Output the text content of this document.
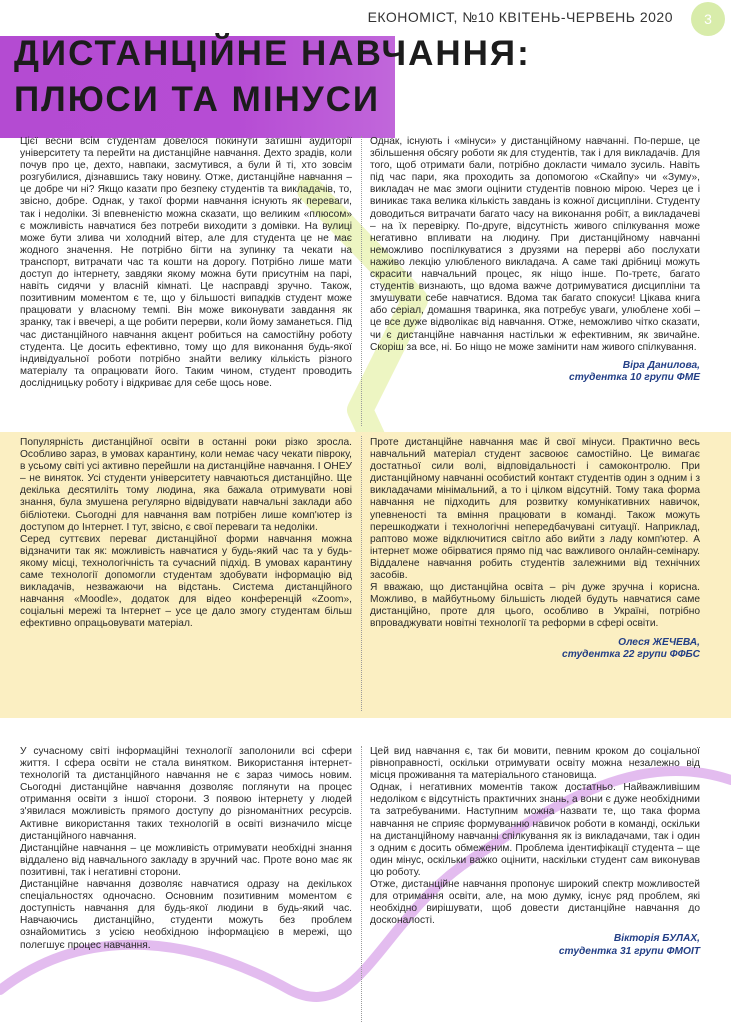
ЕКОНОМІСТ, №10 КВІТЕНЬ-ЧЕРВЕНЬ 2020	3
ДИСТАНЦІЙНЕ НАВЧАННЯ:
ПЛЮСИ ТА МІНУСИ

Цієї весни всім студентам довелося покинути затишні аудиторії університету та перейти на дистанційне навчання. Дехто зрадів, коли почув про це, дехто, навпаки, засмутився, а були й ті, хто зовсім розгубилися, дізнавшись таку новину. Отже, дистанційне навчання – це добре чи ні? Якщо казати про безпеку студентів та викладачів, то, звісно, добре. Однак, у такої форми навчання існують як переваги, так і недоліки. Зі впевненістю можна сказати, що великим «плюсом» є можливість навчатися без потреби виходити з домівки. На вулиці може бути злива чи холодний вітер, але для студента це не має жодного значення. Не потрібно бігти на зупинку та чекати на транспорт, витрачати час та кошти на дорогу. Потрібно лише мати доступ до інтернету, завдяки якому можна бути присутнім на парі, навіть сидячи у власній кімнаті. Це насправді зручно. Також, позитивним моментом є те, що у більшості випадків студент може працювати у власному темпі. Він може виконувати завдання як зранку, так і ввечері, а ще робити перерви, коли йому заманеться. Під час дистанційного навчання акцент робиться на самостійну роботу студента. Це досить ефективно, тому що для виконання будь-якої індивідуальної роботи потрібно знайти велику кількість різного матеріалу та опрацювати його. Таким чином, студент проводить дослідницьку роботу і відкриває для себе щось нове.

Однак, існують і «мінуси» у дистанційному навчанні. По-перше, це збільшення обсягу роботи як для студентів, так і для викладачів. Для того, щоб отримати бали, потрібно докласти чимало зусиль. Навіть під час пари, яка проходить за допомогою «Скайпу» чи «Зуму», викладач не має змоги оцінити студентів повною мірою. Через це і виникає така велика кількість завдань із кожної дисципліни. Студенту доводиться витрачати багато часу на виконання робіт, а викладачеві – на їх перевірку. По-друге, відсутність живого спілкування може негативно впливати на людину. При дистанційному навчанні неможливо поспілкуватися з друзями на перерві або послухати наживо лекцію улюбленого викладача. А саме такі дрібниці можуть скрасити навчальний процес, як ніщо інше. По-третє, багато студентів визнають, що вдома важче дотримуватися дисципліни та змушувати себе навчатися. Вдома так багато спокуси! Цікава книга або серіал, домашня тваринка, яка потребує уваги, улюблене хобі – це все дуже відволікає від навчання. Отже, неможливо чітко сказати, чи є дистанційне навчання настільки ж ефективним, як звичайне. Скоріш за все, ні. Бо ніщо не може замінити нам живого спілкування.

Віра Данилова,
студентка 10 групи ФМЕ

Популярність дистанційної освіти в останні роки різко зросла. Особливо зараз, в умовах карантину, коли немає часу чекати півроку, в усьому світі усі активно перейшли на дистанційне навчання. І ОНЕУ – не виняток. Усі студенти університету навчаються дистанційно. Ще декілька десятиліть тому людина, яка бажала отримувати нові знання, була змушена регулярно відвідувати навчальні заклади або бібліотеки. Сьогодні для навчання вам потрібен лише комп'ютер із доступом до Інтернет. І тут, звісно, є свої переваги та недоліки.

Серед суттєвих переваг дистанційної форми навчання можна відзначити так як: можливість навчатися у будь-який час та у будь-якому місці, технологічність та сучасний підхід. В умовах карантину саме технології допомогли студентам здобувати інформацію від викладачів, незважаючи на відстань. Система дистанційного навчання «Moodle», додаток для відео конференцій «Zoom», соціальні мережі та Інтернет – усе це дало змогу студентам більш ефективно опрацьовувати матеріал.

Проте дистанційне навчання має й свої мінуси. Практично весь навчальний матеріал студент засвоює самостійно. Це вимагає достатньої сили волі, відповідальності і самоконтролю. При дистанційному навчанні особистий контакт студентів один з одним і з викладачами мінімальний, а то і цілком відсутній. Тому така форма навчання не підходить для розвитку комунікативних навичок, упевненості та вміння працювати в команді. Також можуть перешкоджати і технологічні непередбачувані ситуації. Наприклад, раптово може відключитися світло або вийти з ладу комп'ютер. А інтернет може обірватися прямо під час важливого онлайн-семінару. Віддалене навчання робить студентів залежними від технічних засобів.

Я вважаю, що дистанційна освіта – річ дуже зручна і корисна. Можливо, в майбутньому більшість людей будуть навчатися саме дистанційно, проте для цього, особливо в Україні, потрібно впроваджувати новітні технології та реформи в сфері освіти.

Олеся ЖЕЧЕВА,
студентка 22 групи ФФБС

У сучасному світі інформаційні технології заполонили всі сфери життя. І сфера освіти не стала винятком. Використання інтернет-технологій та дистанційного навчання не є зараз чимось новим. Сьогодні дистанційне навчання дозволяє поглянути на процес отримання освіти з іншої сторони. З появою інтернету у людей з'явилася можливість прямого доступу до різноманітних ресурсів. Активне використання таких технологій в освіті визначило місце дистанційного навчання.

Дистанційне навчання – це можливість отримувати необхідні знання віддалено від навчального закладу в зручний час. Проте воно має як позитивні, так і негативні сторони.

Дистанційне навчання дозволяє навчатися одразу на декількох спеціальностях одночасно. Основним позитивним моментом є доступність навчання для будь-якої людини в будь-який час. Навчаючись дистанційно, студенти можуть без проблем ознайомитись з усією необхідною інформацією в мережі, що полегшує процес навчання.

Цей вид навчання є, так би мовити, певним кроком до соціальної рівноправності, оскільки отримувати освіту можна незалежно від місця проживання та матеріального становища.

Однак, і негативних моментів також достатньо. Найважливішим недоліком є відсутність практичних знань, а вони є дуже необхідними та затребуваними. Наступним можна назвати те, що така форма навчання не сприяє формуванню навичок роботи в команді, оскільки на дистанційному навчанні спілкування як із викладачами, так і один з одним є досить обмеженим. Проблема ідентифікації студента – ще один мінус, оскільки важко оцінити, наскільки студент сам виконував цю роботу.

Отже, дистанційне навчання пропонує широкий спектр можливостей для отримання освіти, але, на мою думку, існує ряд проблем, які необхідно вирішувати, щоб довести дистанційне навчання до досконалості.

Вікторія БУЛАХ,
студентка 31 групи ФМОІТ
